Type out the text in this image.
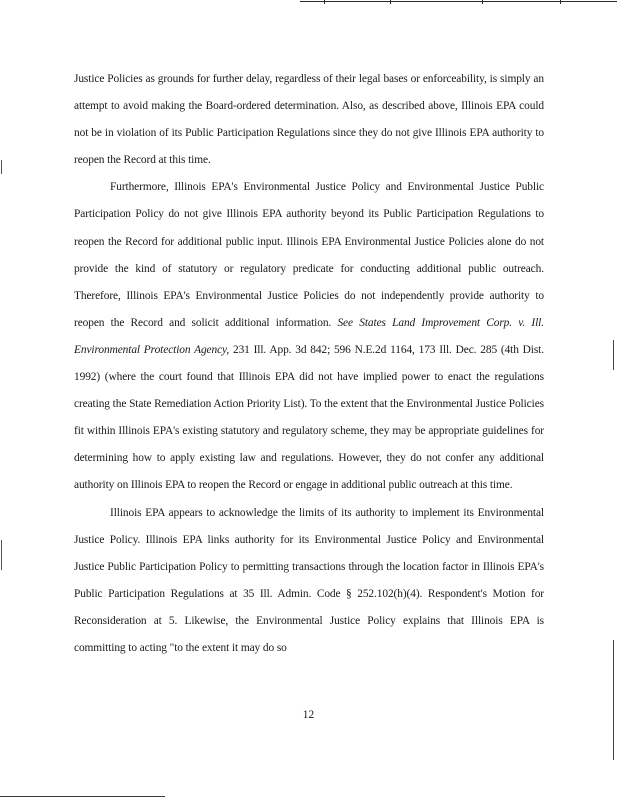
Justice Policies as grounds for further delay, regardless of their legal bases or enforceability, is simply an attempt to avoid making the Board-ordered determination. Also, as described above, Illinois EPA could not be in violation of its Public Participation Regulations since they do not give Illinois EPA authority to reopen the Record at this time.

Furthermore, Illinois EPA's Environmental Justice Policy and Environmental Justice Public Participation Policy do not give Illinois EPA authority beyond its Public Participation Regulations to reopen the Record for additional public input. Illinois EPA Environmental Justice Policies alone do not provide the kind of statutory or regulatory predicate for conducting additional public outreach. Therefore, Illinois EPA's Environmental Justice Policies do not independently provide authority to reopen the Record and solicit additional information. See States Land Improvement Corp. v. Ill. Environmental Protection Agency, 231 Ill. App. 3d 842; 596 N.E.2d 1164, 173 Ill. Dec. 285 (4th Dist. 1992) (where the court found that Illinois EPA did not have implied power to enact the regulations creating the State Remediation Action Priority List). To the extent that the Environmental Justice Policies fit within Illinois EPA's existing statutory and regulatory scheme, they may be appropriate guidelines for determining how to apply existing law and regulations. However, they do not confer any additional authority on Illinois EPA to reopen the Record or engage in additional public outreach at this time.

Illinois EPA appears to acknowledge the limits of its authority to implement its Environmental Justice Policy. Illinois EPA links authority for its Environmental Justice Policy and Environmental Justice Public Participation Policy to permitting transactions through the location factor in Illinois EPA's Public Participation Regulations at 35 Ill. Admin. Code § 252.102(h)(4). Respondent's Motion for Reconsideration at 5. Likewise, the Environmental Justice Policy explains that Illinois EPA is committing to acting "to the extent it may do so

12
